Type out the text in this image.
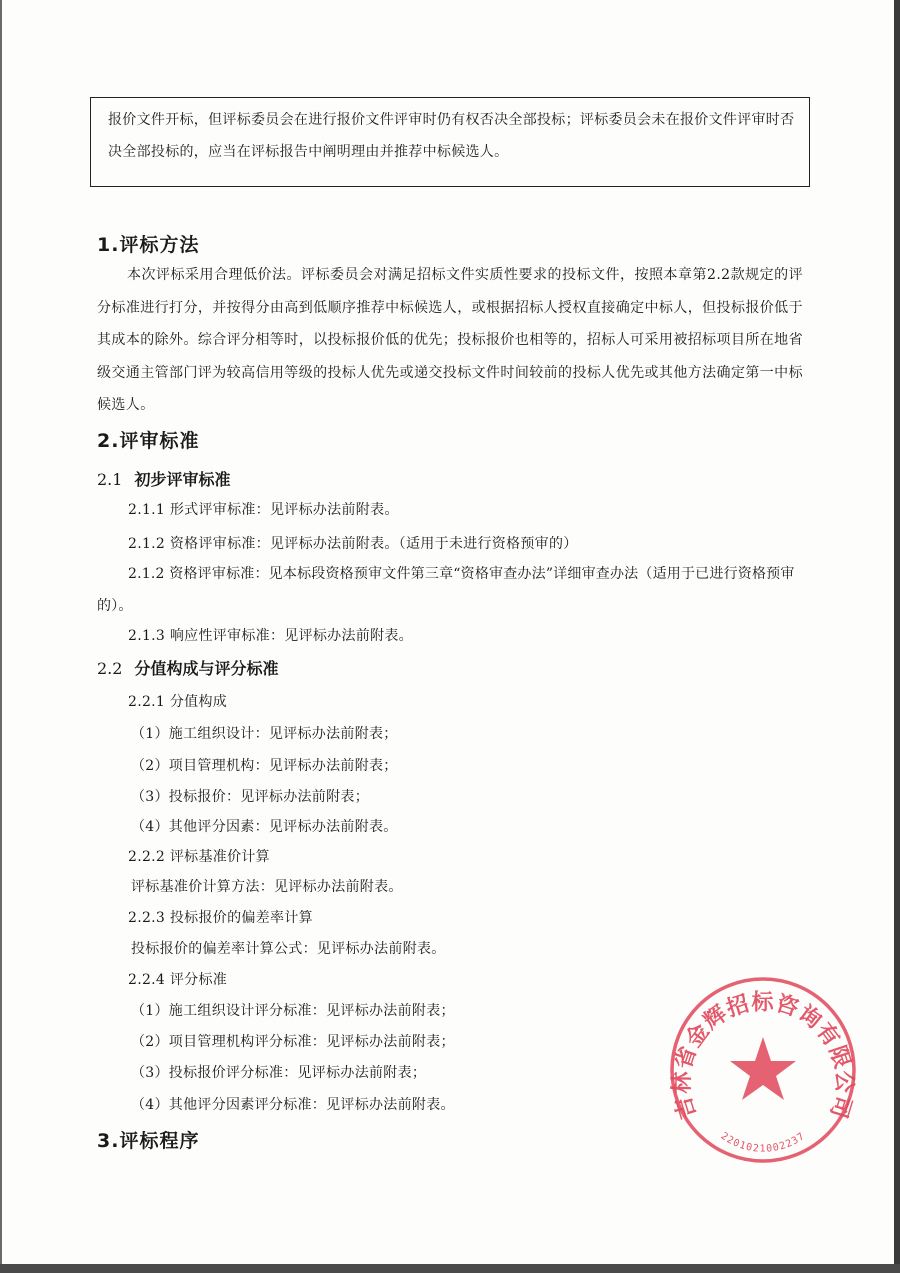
报价文件开标，但评标委员会在进行报价文件评审时仍有权否决全部投标；评标委员会未在报价文件评审时否决全部投标的，应当在评标报告中阐明理由并推荐中标候选人。
1.评标方法
本次评标采用合理低价法。评标委员会对满足招标文件实质性要求的投标文件，按照本章第2.2款规定的评分标准进行打分，并按得分由高到低顺序推荐中标候选人，或根据招标人授权直接确定中标人，但投标报价低于其成本的除外。综合评分相等时，以投标报价低的优先；投标报价也相等的，招标人可采用被招标项目所在地省级交通主管部门评为较高信用等级的投标人优先或递交投标文件时间较前的投标人优先或其他方法确定第一中标候选人。
2.评审标准
2.1 初步评审标准
2.1.1 形式评审标准：见评标办法前附表。
2.1.2 资格评审标准：见评标办法前附表。（适用于未进行资格预审的）
2.1.2 资格评审标准：见本标段资格预审文件第三章“资格审查办法”详细审查办法（适用于已进行资格预审的）。
2.1.3 响应性评审标准：见评标办法前附表。
2.2 分值构成与评分标准
2.2.1 分值构成
（1）施工组织设计：见评标办法前附表；
（2）项目管理机构：见评标办法前附表；
（3）投标报价：见评标办法前附表；
（4）其他评分因素：见评标办法前附表。
2.2.2 评标基准价计算
评标基准价计算方法：见评标办法前附表。
2.2.3 投标报价的偏差率计算
投标报价的偏差率计算公式：见评标办法前附表。
2.2.4 评分标准
（1）施工组织设计评分标准：见评标办法前附表；
（2）项目管理机构评分标准：见评标办法前附表；
（3）投标报价评分标准：见评标办法前附表；
（4）其他评分因素评分标准：见评标办法前附表。
3.评标程序
吉林省金辉招标咨询有限公司
2201021002237
